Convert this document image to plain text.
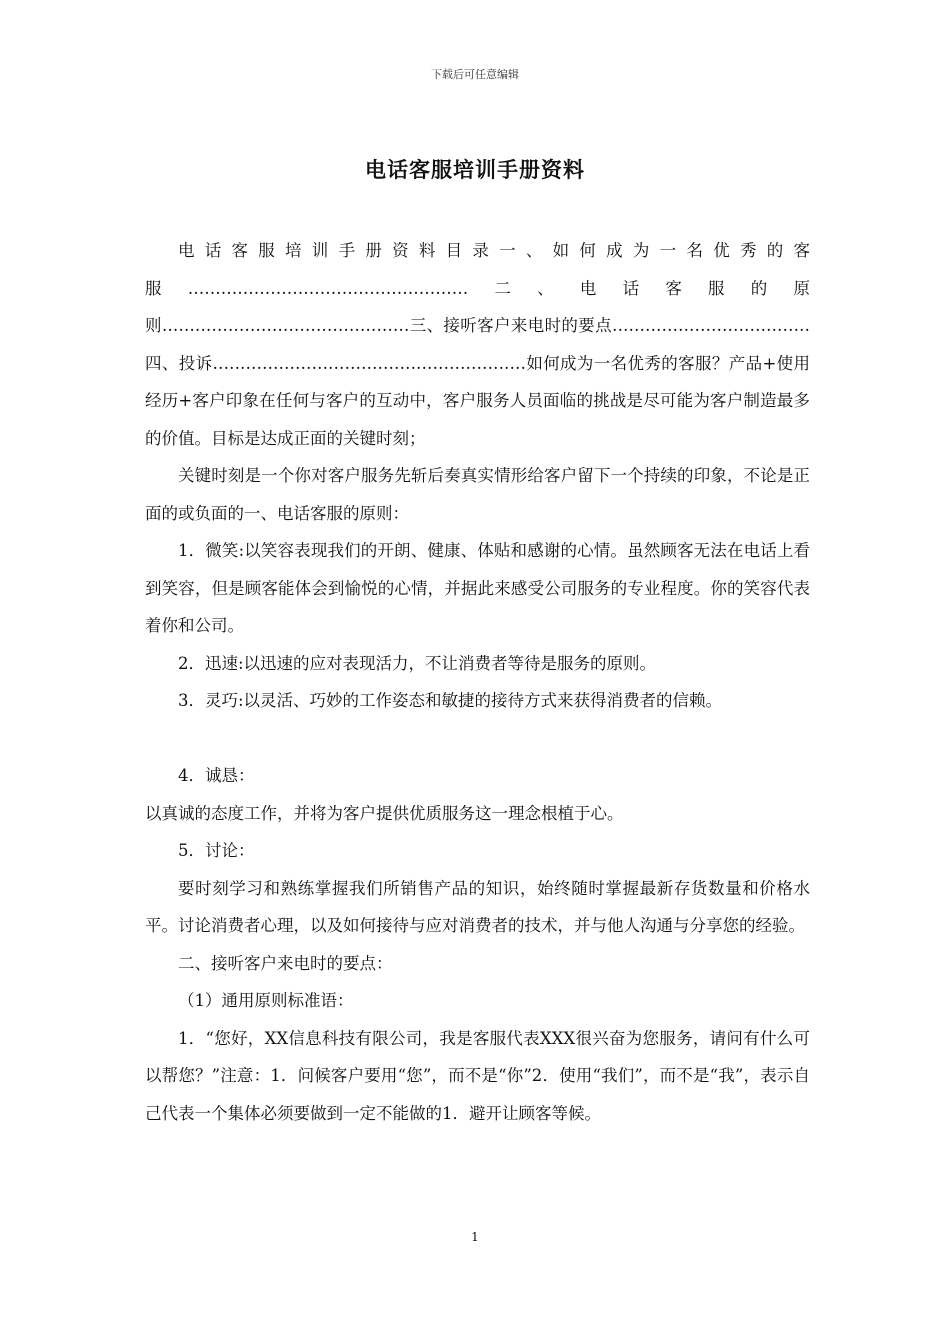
下载后可任意编辑
电话客服培训手册资料

电话客服培训手册资料目录一、如何成为一名优秀的客服……………………………………………二、电话客服的原则………………………………………三、接听客户来电时的要点………………………………四、投诉…………………………………………………如何成为一名优秀的客服？产品+使用经历+客户印象在任何与客户的互动中，客户服务人员面临的挑战是尽可能为客户制造最多的价值。目标是达成正面的关键时刻；

关键时刻是一个你对客户服务先斩后奏真实情形给客户留下一个持续的印象，不论是正面的或负面的一、电话客服的原则：

1．微笑:以笑容表现我们的开朗、健康、体贴和感谢的心情。虽然顾客无法在电话上看到笑容，但是顾客能体会到愉悦的心情，并据此来感受公司服务的专业程度。你的笑容代表着你和公司。

2．迅速:以迅速的应对表现活力，不让消费者等待是服务的原则。

3．灵巧:以灵活、巧妙的工作姿态和敏捷的接待方式来获得消费者的信赖。

4．诚恳：

以真诚的态度工作，并将为客户提供优质服务这一理念根植于心。

5．讨论：

要时刻学习和熟练掌握我们所销售产品的知识，始终随时掌握最新存货数量和价格水平。讨论消费者心理，以及如何接待与应对消费者的技术，并与他人沟通与分享您的经验。

二、接听客户来电时的要点：

（1）通用原则标准语：

1．“您好，XX信息科技有限公司，我是客服代表XXX很兴奋为您服务，请问有什么可以帮您？”注意：1．问候客户要用“您”，而不是“你”2．使用“我们”，而不是“我”，表示自己代表一个集体必须要做到一定不能做的1．避开让顾客等候。

1
